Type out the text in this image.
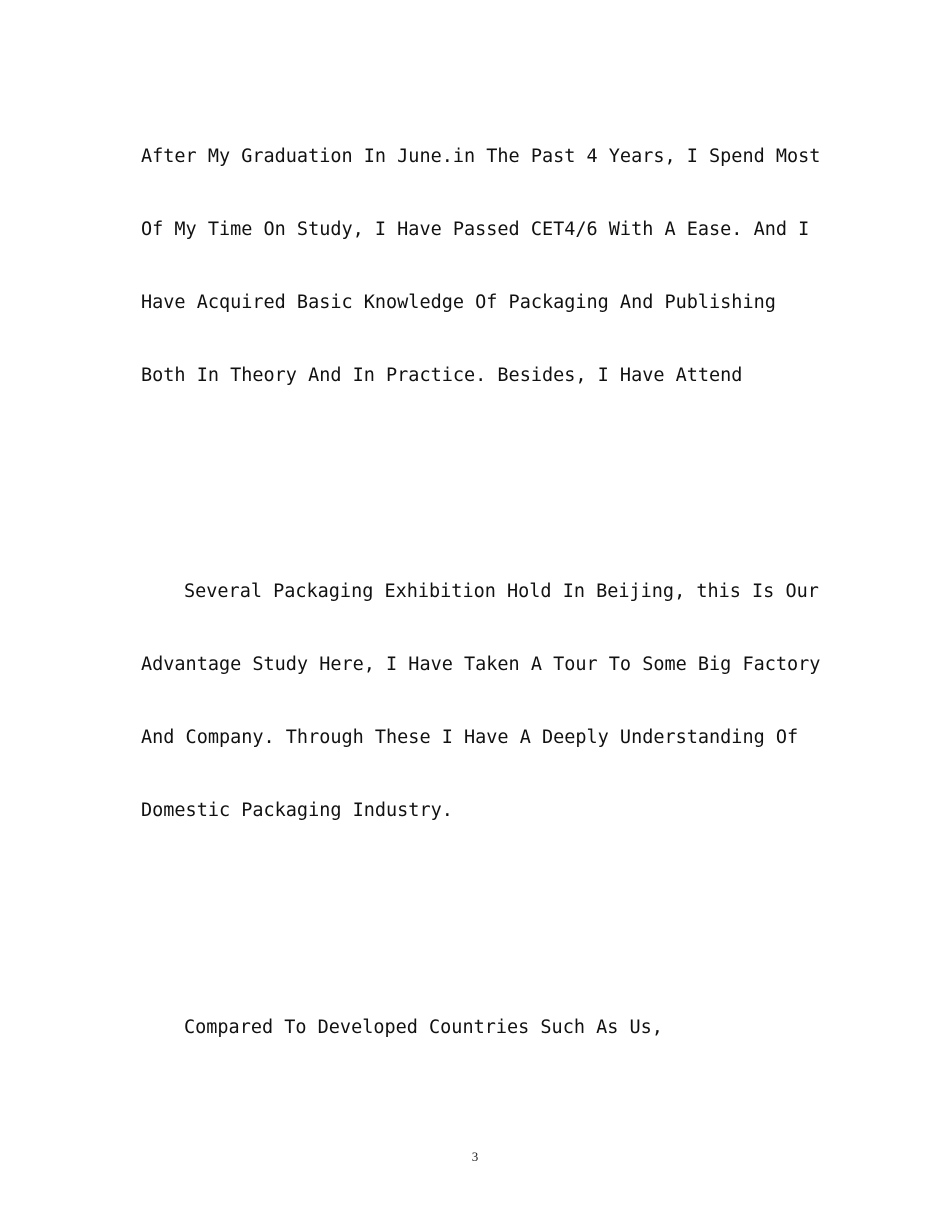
After My Graduation In June.in The Past 4 Years, I Spend Most
Of My Time On Study, I Have Passed CET4/6 With A Ease. And I
Have Acquired Basic Knowledge Of Packaging And Publishing
Both In Theory And In Practice. Besides, I Have Attend
Several Packaging Exhibition Hold In Beijing, this Is Our
Advantage Study Here, I Have Taken A Tour To Some Big Factory
And Company. Through These I Have A Deeply Understanding Of
Domestic Packaging Industry.
Compared To Developed Countries Such As Us,
3
